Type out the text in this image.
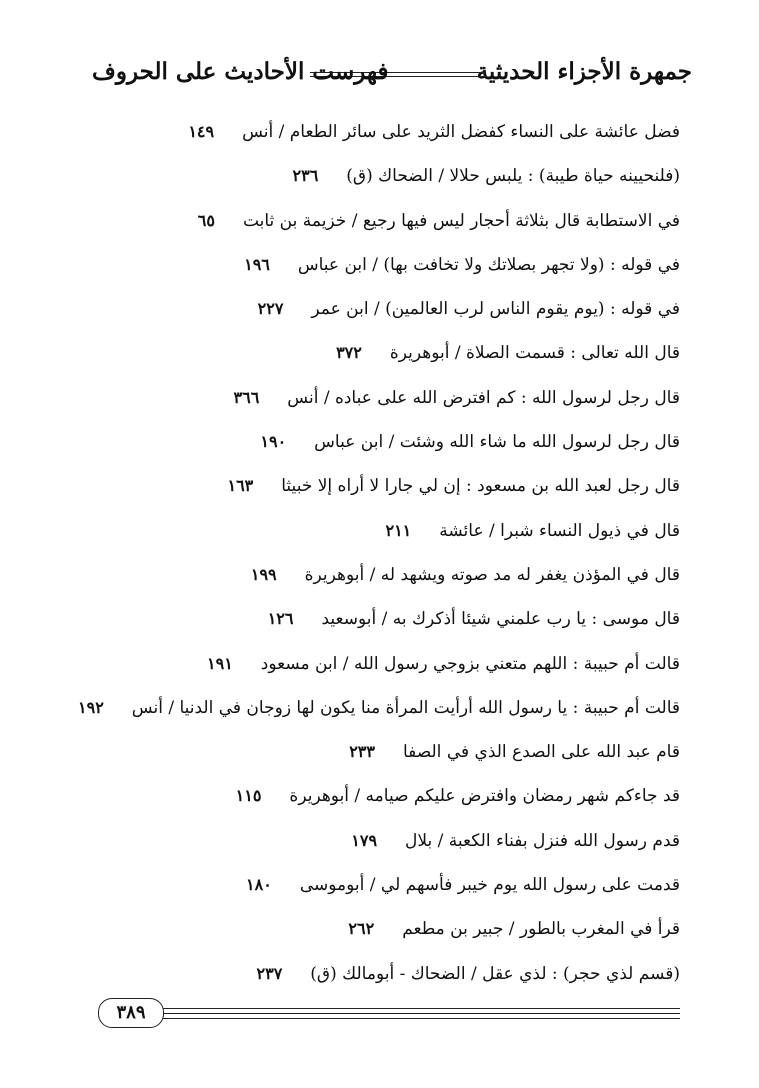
جمهرة الأجزاء الحديثية
فهرست الأحاديث على الحروف
فضل عائشة على النساء كفضل الثريد على سائر الطعام / أنس١٤٩
(فلنحيينه حياة طيبة) : يلبس حلالا / الضحاك (ق)٢٣٦
في الاستطابة قال بثلاثة أحجار ليس فيها رجيع / خزيمة بن ثابت٦٥
في قوله : (ولا تجهر بصلاتك ولا تخافت بها) / ابن عباس١٩٦
في قوله : (يوم يقوم الناس لرب العالمين) / ابن عمر٢٢٧
قال الله تعالى : قسمت الصلاة / أبوهريرة٣٧٢
قال رجل لرسول الله : كم افترض الله على عباده / أنس٣٦٦
قال رجل لرسول الله ما شاء الله وشئت / ابن عباس١٩٠
قال رجل لعبد الله بن مسعود : إن لي جارا لا أراه إلا خبيثا١٦٣
قال في ذيول النساء شبرا / عائشة٢١١
قال في المؤذن يغفر له مد صوته ويشهد له / أبوهريرة١٩٩
قال موسى : يا رب علمني شيئا أذكرك به / أبوسعيد١٢٦
قالت أم حبيبة : اللهم متعني بزوجي رسول الله / ابن مسعود١٩١
قالت أم حبيبة : يا رسول الله أرأيت المرأة منا يكون لها زوجان في الدنيا / أنس١٩٢
قام عبد الله على الصدع الذي في الصفا٢٣٣
قد جاءكم شهر رمضان وافترض عليكم صيامه / أبوهريرة١١٥
قدم رسول الله فنزل بفناء الكعبة / بلال١٧٩
قدمت على رسول الله يوم خيبر فأسهم لي / أبوموسى١٨٠
قرأ في المغرب بالطور / جبير بن مطعم٢٦٢
(قسم لذي حجر) : لذي عقل / الضحاك - أبومالك (ق)٢٣٧
٣٨٩
